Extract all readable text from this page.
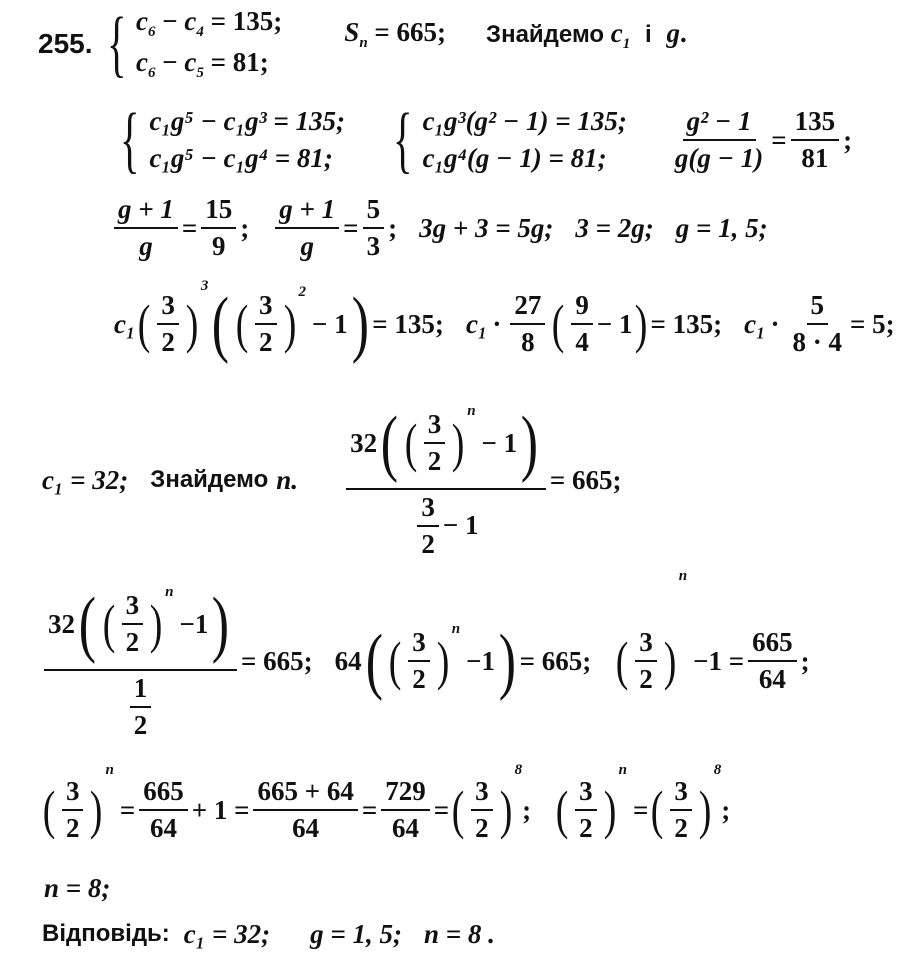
255. { $c_6 - c_4 = 135$;
$c_6 - c_5 = 81$;
$S_n = 665$; Знайдемо $c_1$ і g.
{ c₁g⁵ − c₁g³ = 135;
c₁g⁵ − c₁g⁴ = 81; { c₁g³(g² − 1) = 135;
c₁g⁴(g − 1) = 81;	$\frac{\text{g² − 1}}{g(g - 1)} = \frac{135}{81}$ ;
$\frac{g + 1}{g} = \frac{15}{9}$ ; $\frac{g + 1}{g} = \frac{5}{3}$ ; 3g + 3 = 5g; 3 = 2g; g = 1, 5;
c₁ ( $\frac{3}{2}$ )
3 ( ( $\frac{3}{2}$ )
2
− 1 ) = 135; $c_1 \cdot \frac{27}{8}$ ( $\frac{9}{4} - 1$ ) = 135; $c_1 \cdot \frac{5}{8 \cdot 4} = 5$;
c₁ = 32; Знайдемо n. 32 ( ( $\frac{3}{2}$ )
n
− 1 )
$\frac{3}{2} - 1 = 665$;
32 ( ( $\frac{3}{2}$ )
n
−1 )
$\frac{1}{2} = 665$; 64 ( ( $\frac{3}{2}$ )
n
−1 ) = 665; ( $\frac{3}{2}$ )
n
$-1 = \frac{665}{64}$ ;
( $\frac{3}{2}$ )
n
= $\frac{665}{64} + 1 = \frac{665 + 64}{64} = \frac{729}{64}$ = ( $\frac{3}{2}$ )
8
; ( $\frac{3}{2}$ )
n
= ( $\frac{3}{2}$ )
8
;
n = 8;
Відповідь: c₁ = 32; g = 1, 5; n = 8 .
